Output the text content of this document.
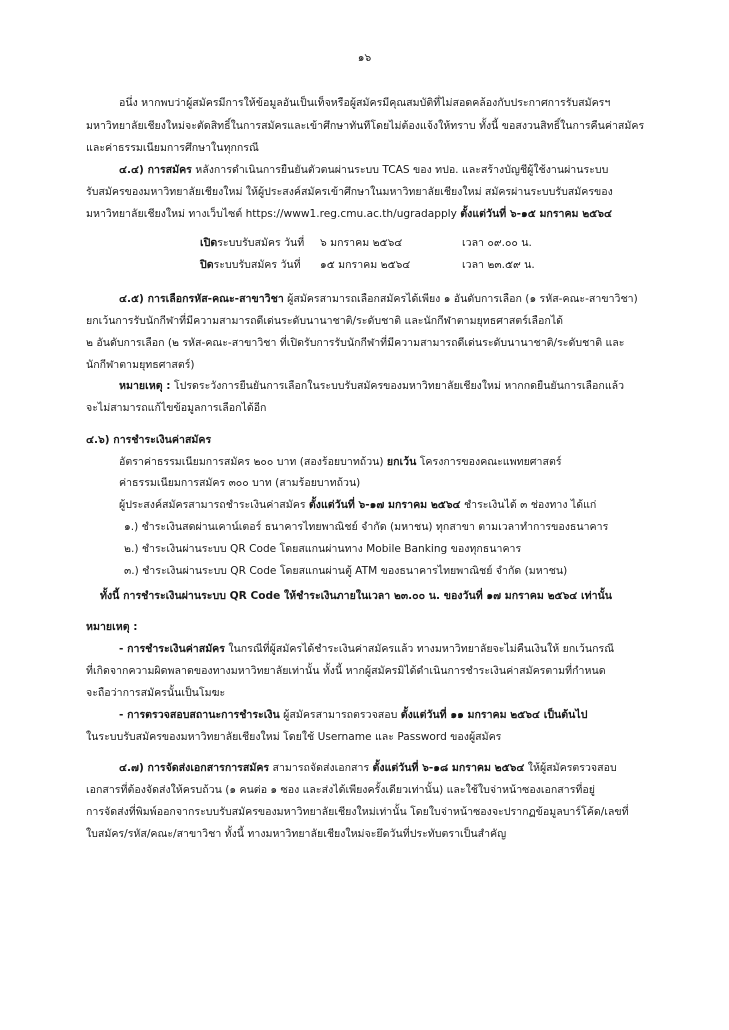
๑๖
อนึ่ง หากพบว่าผู้สมัครมีการให้ข้อมูลอันเป็นเท็จหรือผู้สมัครมีคุณสมบัติที่ไม่สอดคล้องกับประกาศการรับสมัครฯ
มหาวิทยาลัยเชียงใหม่จะตัดสิทธิ์ในการสมัครและเข้าศึกษาทันทีโดยไม่ต้องแจ้งให้ทราบ ทั้งนี้ ขอสงวนสิทธิ์ในการคืนค่าสมัคร
และค่าธรรมเนียมการศึกษาในทุกกรณี
๔.๔) การสมัคร หลังการดำเนินการยืนยันตัวตนผ่านระบบ TCAS ของ ทปอ. และสร้างบัญชีผู้ใช้งานผ่านระบบ
รับสมัครของมหาวิทยาลัยเชียงใหม่ ให้ผู้ประสงค์สมัครเข้าศึกษาในมหาวิทยาลัยเชียงใหม่ สมัครผ่านระบบรับสมัครของ
มหาวิทยาลัยเชียงใหม่ ทางเว็บไซต์ https://www1.reg.cmu.ac.th/ugradapply ตั้งแต่วันที่ ๖-๑๕ มกราคม ๒๕๖๔
เปิดระบบรับสมัคร วันที่ ๖ มกราคม ๒๕๖๔	เวลา ๐๙.๐๐ น.
ปิดระบบรับสมัคร วันที่ ๑๕ มกราคม ๒๕๖๔	เวลา ๒๓.๕๙ น.
๔.๕) การเลือกรหัส-คณะ-สาขาวิชา ผู้สมัครสามารถเลือกสมัครได้เพียง ๑ อันดับการเลือก (๑ รหัส-คณะ-สาขาวิชา)
ยกเว้นการรับนักกีฬาที่มีความสามารถดีเด่นระดับนานาชาติ/ระดับชาติ และนักกีฬาตามยุทธศาสตร์เลือกได้
๒ อันดับการเลือก (๒ รหัส-คณะ-สาขาวิชา ที่เปิดรับการรับนักกีฬาที่มีความสามารถดีเด่นระดับนานาชาติ/ระดับชาติ และ
นักกีฬาตามยุทธศาสตร์)
หมายเหตุ : โปรดระวังการยืนยันการเลือกในระบบรับสมัครของมหาวิทยาลัยเชียงใหม่ หากกดยืนยันการเลือกแล้ว
จะไม่สามารถแก้ไขข้อมูลการเลือกได้อีก
๔.๖) การชำระเงินค่าสมัคร
อัตราค่าธรรมเนียมการสมัคร ๒๐๐ บาท (สองร้อยบาทถ้วน) ยกเว้น โครงการของคณะแพทยศาสตร์
ค่าธรรมเนียมการสมัคร ๓๐๐ บาท (สามร้อยบาทถ้วน)
ผู้ประสงค์สมัครสามารถชำระเงินค่าสมัคร ตั้งแต่วันที่ ๖-๑๗ มกราคม ๒๕๖๔ ชำระเงินได้ ๓ ช่องทาง ได้แก่
๑.) ชำระเงินสดผ่านเคาน์เตอร์ ธนาคารไทยพาณิชย์ จำกัด (มหาชน) ทุกสาขา ตามเวลาทำการของธนาคาร
๒.) ชำระเงินผ่านระบบ QR Code โดยสแกนผ่านทาง Mobile Banking ของทุกธนาคาร
๓.) ชำระเงินผ่านระบบ QR Code โดยสแกนผ่านตู้ ATM ของธนาคารไทยพาณิชย์ จำกัด (มหาชน)
ทั้งนี้ การชำระเงินผ่านระบบ QR Code ให้ชำระเงินภายในเวลา ๒๓.๐๐ น. ของวันที่ ๑๗ มกราคม ๒๕๖๔ เท่านั้น
หมายเหตุ :
- การชำระเงินค่าสมัคร ในกรณีที่ผู้สมัครได้ชำระเงินค่าสมัครแล้ว ทางมหาวิทยาลัยจะไม่คืนเงินให้ ยกเว้นกรณี
ที่เกิดจากความผิดพลาดของทางมหาวิทยาลัยเท่านั้น ทั้งนี้ หากผู้สมัครมิได้ดำเนินการชำระเงินค่าสมัครตามที่กำหนด
จะถือว่าการสมัครนั้นเป็นโมฆะ
- การตรวจสอบสถานะการชำระเงิน ผู้สมัครสามารถตรวจสอบ ตั้งแต่วันที่ ๑๑ มกราคม ๒๕๖๔ เป็นต้นไป
ในระบบรับสมัครของมหาวิทยาลัยเชียงใหม่ โดยใช้ Username และ Password ของผู้สมัคร
๔.๗) การจัดส่งเอกสารการสมัคร สามารถจัดส่งเอกสาร ตั้งแต่วันที่ ๖-๑๘ มกราคม ๒๕๖๔ ให้ผู้สมัครตรวจสอบ
เอกสารที่ต้องจัดส่งให้ครบถ้วน (๑ คนต่อ ๑ ซอง และส่งได้เพียงครั้งเดียวเท่านั้น) และใช้ใบจ่าหน้าซองเอกสารที่อยู่
การจัดส่งที่พิมพ์ออกจากระบบรับสมัครของมหาวิทยาลัยเชียงใหม่เท่านั้น โดยใบจ่าหน้าซองจะปรากฏข้อมูลบาร์โค้ด/เลขที่
ใบสมัคร/รหัส/คณะ/สาขาวิชา ทั้งนี้ ทางมหาวิทยาลัยเชียงใหม่จะยึดวันที่ประทับตราเป็นสำคัญ
